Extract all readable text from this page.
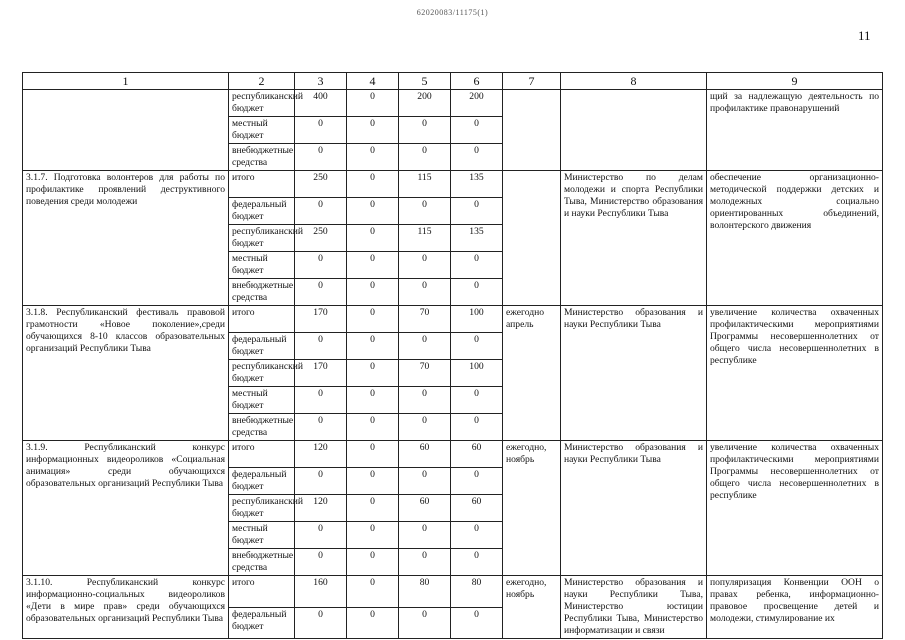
62020083/11175(1)
11
1	2	3	4	5	6	7	8	9
	республиканский бюджет	400	0	200	200			щий за надлежащую деятельность по профилактике правонарушений
	местный бюджет	0	0	0	0			
	внебюджетные средства	0	0	0	0			
3.1.7. Подготовка волонтеров для работы по профилактике проявлений деструктивного поведения среди молодежи	итого	250	0	115	135		Министерство по делам молодежи и спорта Республики Тыва, Министерство образования и науки Республики Тыва	обеспечение организационно-методической поддержки детских и молодежных социально ориентированных объединений, волонтерского движения
	федеральный бюджет	0	0	0	0			
	республиканский бюджет	250	0	115	135			
	местный бюджет	0	0	0	0			
	внебюджетные средства	0	0	0	0			
3.1.8. Республиканский фестиваль правовой грамотности «Новое поколение»,среди обучающихся 8-10 классов образовательных организаций Республики Тыва	итого	170	0	70	100	ежегодно апрель	Министерство образования и науки Республики Тыва	увеличение количества охваченных профилактическими мероприятиями Программы несовершеннолетних от общего числа несовершеннолетних в республике
	федеральный бюджет	0	0	0	0			
	республиканский бюджет	170	0	70	100			
	местный бюджет	0	0	0	0			
	внебюджетные средства	0	0	0	0			
3.1.9. Республиканский конкурс информационных видеороликов «Социальная анимация» среди обучающихся образовательных организаций Республики Тыва	итого	120	0	60	60	ежегодно, ноябрь	Министерство образования и науки Республики Тыва	увеличение количества охваченных профилактическими мероприятиями Программы несовершеннолетних от общего числа несовершеннолетних в республике
	федеральный бюджет	0	0	0	0			
	республиканский бюджет	120	0	60	60			
	местный бюджет	0	0	0	0			
	внебюджетные средства	0	0	0	0			
3.1.10. Республиканский конкурс информационно-социальных видеороликов «Дети в мире прав» среди обучающихся образовательных организаций Республики Тыва	итого	160	0	80	80	ежегодно, ноябрь	Министерство образования и науки Республики Тыва, Министерство юстиции Республики Тыва, Министерство информатизации и связи	популяризация Конвенции ООН о правах ребенка, информационно-правовое просвещение детей и молодежи, стимулирование их
	федеральный бюджет	0	0	0	0			
